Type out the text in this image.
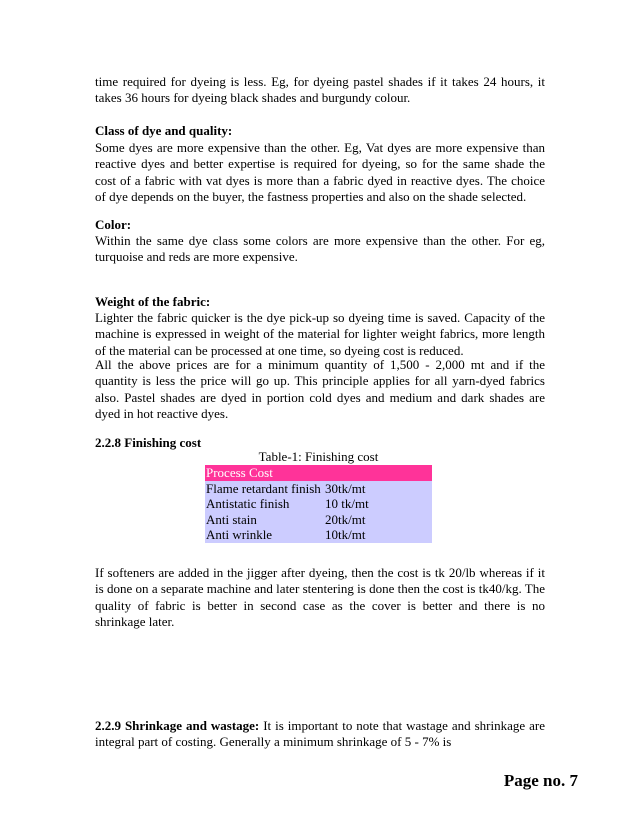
time required for dyeing is less. Eg, for dyeing pastel shades if it takes 24 hours, it takes 36 hours for dyeing black shades and burgundy colour.
Class of dye and quality:
Some dyes are more expensive than the other. Eg, Vat dyes are more expensive than reactive dyes and better expertise is required for dyeing, so for the same shade the cost of a fabric with vat dyes is more than a fabric dyed in reactive dyes. The choice of dye depends on the buyer, the fastness properties and also on the shade selected.
Color:
Within the same dye class some colors are more expensive than the other. For eg, turquoise and reds are more expensive.
Weight of the fabric:
Lighter the fabric quicker is the dye pick-up so dyeing time is saved. Capacity of the machine is expressed in weight of the material for lighter weight fabrics, more length of the material can be processed at one time, so dyeing cost is reduced.
All the above prices are for a minimum quantity of 1,500 - 2,000 mt and if the quantity is less the price will go up. This principle applies for all yarn-dyed fabrics also. Pastel shades are dyed in portion cold dyes and medium and dark shades are dyed in hot reactive dyes.
2.2.8 Finishing cost
Table-1: Finishing cost
Process Cost	
Flame retardant finish	30tk/mt
Antistatic finish	10 tk/mt
Anti stain	20tk/mt
Anti wrinkle	10tk/mt
If softeners are added in the jigger after dyeing, then the cost is tk 20/lb whereas if it is done on a separate machine and later stentering is done then the cost is tk40/kg. The quality of fabric is better in second case as the cover is better and there is no shrinkage later.
2.2.9 Shrinkage and wastage: It is important to note that wastage and shrinkage are integral part of costing. Generally a minimum shrinkage of 5 - 7% is
Page no. 7
